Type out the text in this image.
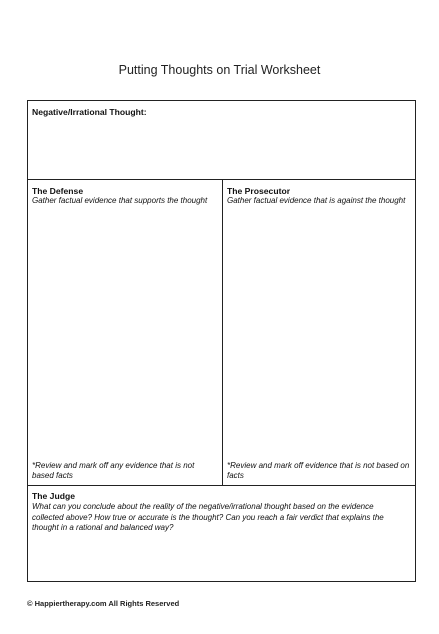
Putting Thoughts on Trial Worksheet
Negative/Irrational Thought:
The Defense
Gather factual evidence that supports the thought
*Review and mark off any evidence that is not based facts
The Prosecutor
Gather factual evidence that is against the thought
*Review and mark off evidence that is not based on facts
The Judge
What can you conclude about the reality of the negative/irrational thought based on the evidence collected above? How true or accurate is the thought? Can you reach a fair verdict that explains the thought in a rational and balanced way?
© Happiertherapy.com All Rights Reserved
